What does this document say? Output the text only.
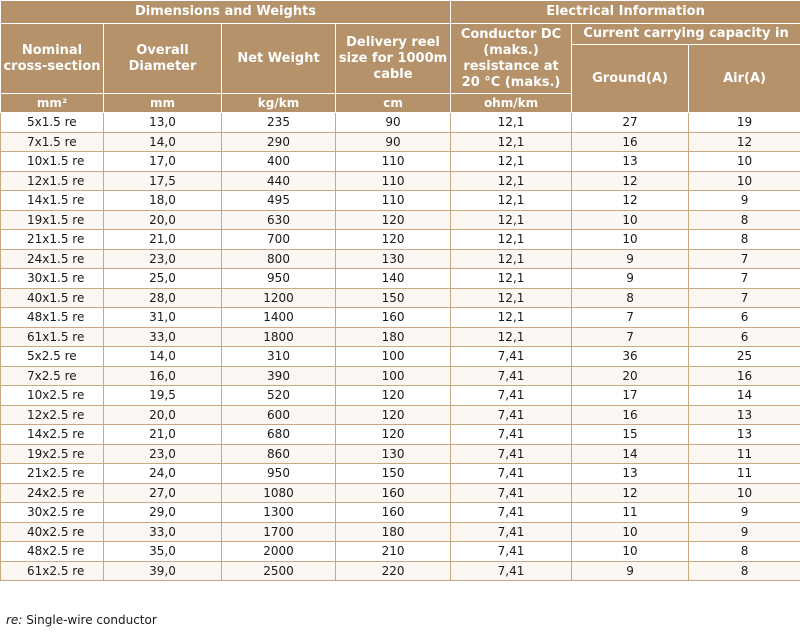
Dimensions and Weights				Electrical Information		
Nominal cross-section	Overall Diameter	Net Weight	Delivery reel size for 1000m cable	Conductor DC (maks.) resistance at 20 °C (maks.)	Current carrying capacity in	
					Ground(A)	Air(A)
mm²	mm	kg/km	cm	ohm/km		
5x1.5 re	13,0	235	90	12,1	27	19
7x1.5 re	14,0	290	90	12,1	16	12
10x1.5 re	17,0	400	110	12,1	13	10
12x1.5 re	17,5	440	110	12,1	12	10
14x1.5 re	18,0	495	110	12,1	12	9
19x1.5 re	20,0	630	120	12,1	10	8
21x1.5 re	21,0	700	120	12,1	10	8
24x1.5 re	23,0	800	130	12,1	9	7
30x1.5 re	25,0	950	140	12,1	9	7
40x1.5 re	28,0	1200	150	12,1	8	7
48x1.5 re	31,0	1400	160	12,1	7	6
61x1.5 re	33,0	1800	180	12,1	7	6
5x2.5 re	14,0	310	100	7,41	36	25
7x2.5 re	16,0	390	100	7,41	20	16
10x2.5 re	19,5	520	120	7,41	17	14
12x2.5 re	20,0	600	120	7,41	16	13
14x2.5 re	21,0	680	120	7,41	15	13
19x2.5 re	23,0	860	130	7,41	14	11
21x2.5 re	24,0	950	150	7,41	13	11
24x2.5 re	27,0	1080	160	7,41	12	10
30x2.5 re	29,0	1300	160	7,41	11	9
40x2.5 re	33,0	1700	180	7,41	10	9
48x2.5 re	35,0	2000	210	7,41	10	8
61x2.5 re	39,0	2500	220	7,41	9	8
re: Single-wire conductor
